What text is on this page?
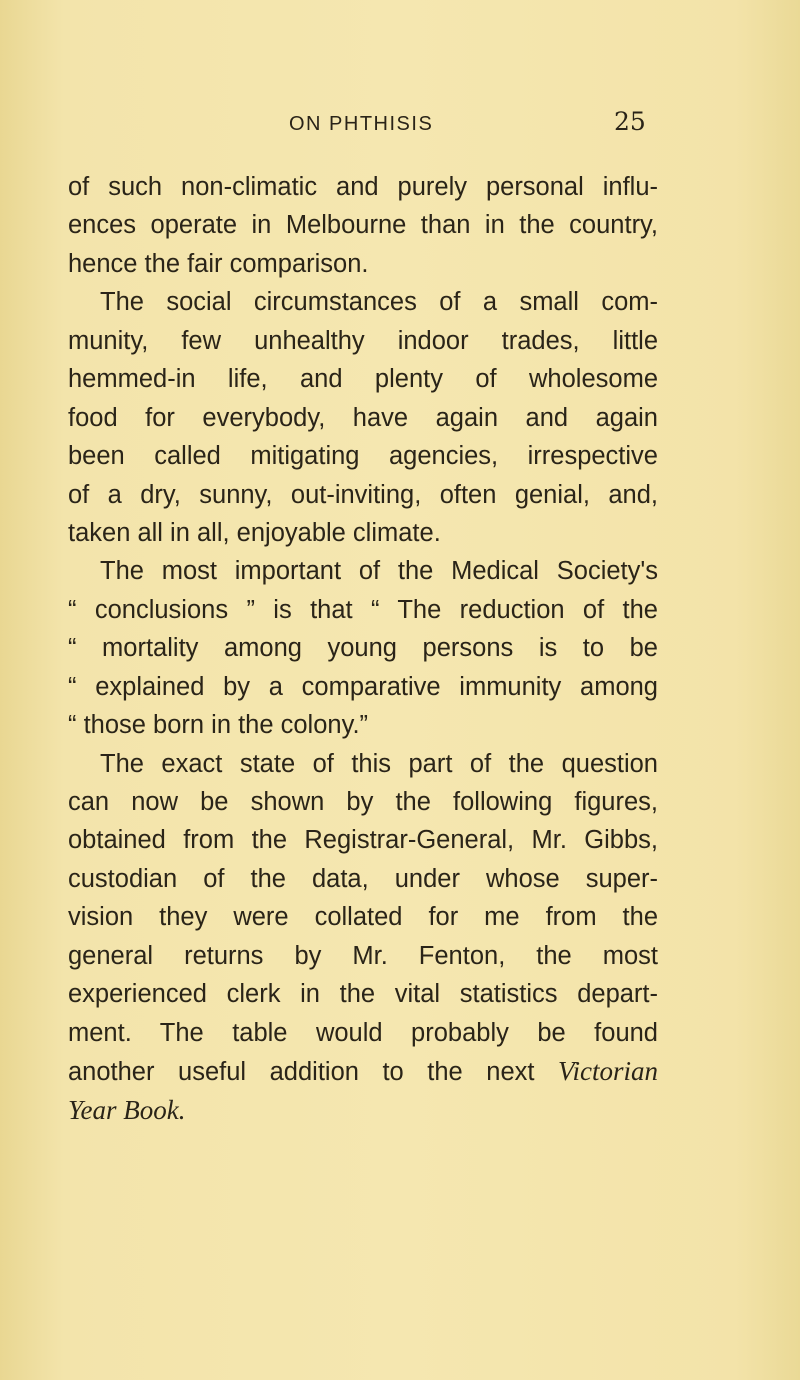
ON PHTHISIS	25
of such non-climatic and purely personal influ-
ences operate in Melbourne than in the country,
hence the fair comparison.
The social circumstances of a small com-
munity, few unhealthy indoor trades, little
hemmed-in life, and plenty of wholesome
food for everybody, have again and again
been called mitigating agencies, irrespective
of a dry, sunny, out-inviting, often genial, and,
taken all in all, enjoyable climate.
The most important of the Medical Society's
“ conclusions ” is that “ The reduction of the
“ mortality among young persons is to be
“ explained by a comparative immunity among
“ those born in the colony.”
The exact state of this part of the question
can now be shown by the following figures,
obtained from the Registrar-General, Mr. Gibbs,
custodian of the data, under whose super-
vision they were collated for me from the
general returns by Mr. Fenton, the most
experienced clerk in the vital statistics depart-
ment. The table would probably be found
another useful addition to the next Victorian
Year Book.
